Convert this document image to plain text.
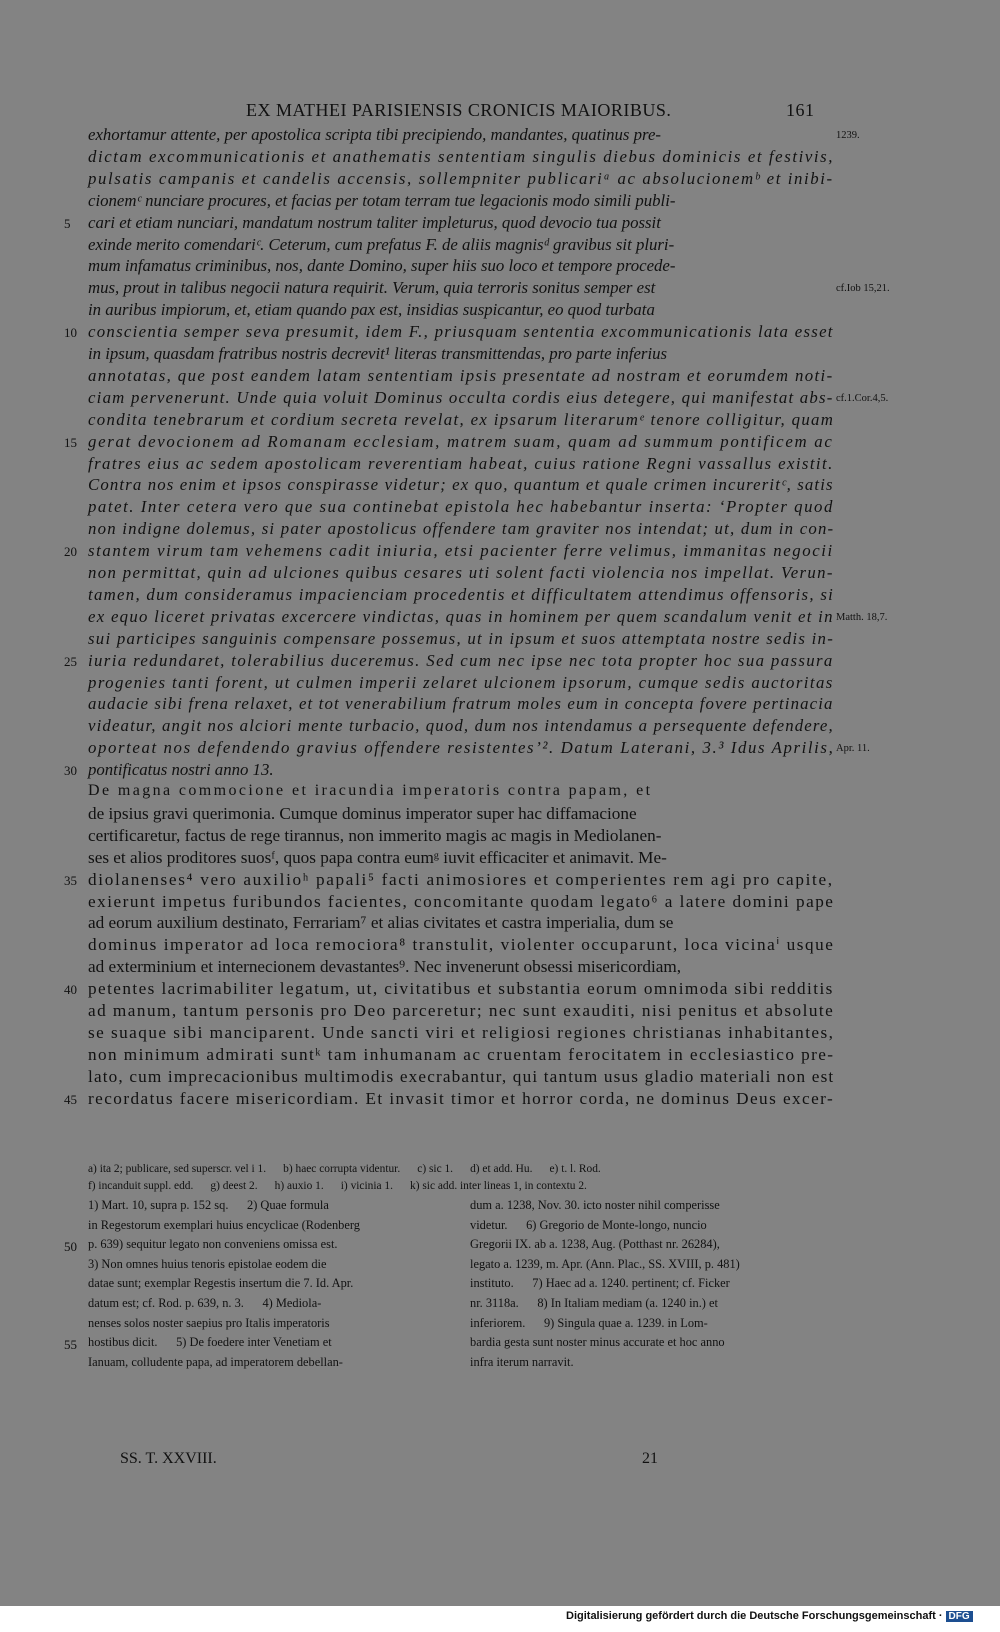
EX MATHEI PARISIENSIS CRONICIS MAIORIBUS.	161
exhortamur attente, per apostolica scripta tibi precipiendo, mandantes, quatinus pre-
dictam excommunicationis et anathematis sententiam singulis diebus dominicis et festivis,
pulsatis campanis et candelis accensis, sollempniter publicariᵃ ac absolucionemᵇ et inibi-
cionemᶜ nunciare procures, et facias per totam terram tue legacionis modo simili publi-
cari et etiam nunciari, mandatum nostrum taliter impleturus, quod devocio tua possit
exinde merito comendariᶜ. Ceterum, cum prefatus F. de aliis magnisᵈ gravibus sit pluri-
mum infamatus criminibus, nos, dante Domino, super hiis suo loco et tempore procede-
mus, prout in talibus negocii natura requirit. Verum, quia terroris sonitus semper est
in auribus impiorum, et, etiam quando pax est, insidias suspicantur, eo quod turbata
conscientia semper seva presumit, idem F., priusquam sententia excommunicationis lata esset
in ipsum, quasdam fratribus nostris decrevit¹ literas transmittendas, pro parte inferius
annotatas, que post eandem latam sententiam ipsis presentate ad nostram et eorumdem noti-
ciam pervenerunt. Unde quia voluit Dominus occulta cordis eius detegere, qui manifestat abs-
condita tenebrarum et cordium secreta revelat, ex ipsarum literarumᵉ tenore colligitur, quam
gerat devocionem ad Romanam ecclesiam, matrem suam, quam ad summum pontificem ac
fratres eius ac sedem apostolicam reverentiam habeat, cuius ratione Regni vassallus existit.
Contra nos enim et ipsos conspirasse videtur; ex quo, quantum et quale crimen incureritᶜ, satis
patet. Inter cetera vero que sua continebat epistola hec habebantur inserta: ‘Propter quod
non indigne dolemus, si pater apostolicus offendere tam graviter nos intendat; ut, dum in con-
stantem virum tam vehemens cadit iniuria, etsi pacienter ferre velimus, immanitas negocii
non permittat, quin ad ulciones quibus cesares uti solent facti violencia nos impellat. Verun-
tamen, dum consideramus impacienciam procedentis et difficultatem attendimus offensoris, si
ex equo liceret privatas excercere vindictas, quas in hominem per quem scandalum venit et in
sui participes sanguinis compensare possemus, ut in ipsum et suos attemptata nostre sedis in-
iuria redundaret, tolerabilius duceremus. Sed cum nec ipse nec tota propter hoc sua passura
progenies tanti forent, ut culmen imperii zelaret ulcionem ipsorum, cumque sedis auctoritas
audacie sibi frena relaxet, et tot venerabilium fratrum moles eum in concepta fovere pertinacia
videatur, angit nos alciori mente turbacio, quod, dum nos intendamus a persequente defendere,
oporteat nos defendendo gravius offendere resistentes’². Datum Laterani, 3.³ Idus Aprilis,
pontificatus nostri anno 13.
De magna commocione et iracundia imperatoris contra papam, et
de ipsius gravi querimonia. Cumque dominus imperator super hac diffamacione
certificaretur, factus de rege tirannus, non immerito magis ac magis in Mediolanen-
ses et alios proditores suosᶠ, quos papa contra eumᵍ iuvit efficaciter et animavit. Me-
diolanenses⁴ vero auxilioʰ papali⁵ facti animosiores et comperientes rem agi pro capite,
exierunt impetus furibundos facientes, concomitante quodam legato⁶ a latere domini pape
ad eorum auxilium destinato, Ferrariam⁷ et alias civitates et castra imperialia, dum se
dominus imperator ad loca remociora⁸ transtulit, violenter occuparunt, loca vicinaⁱ usque
ad exterminium et internecionem devastantes⁹. Nec invenerunt obsessi misericordiam,
petentes lacrimabiliter legatum, ut, civitatibus et substantia eorum omnimoda sibi redditis
ad manum, tantum personis pro Deo parceretur; nec sunt exauditi, nisi penitus et absolute
se suaque sibi manciparent. Unde sancti viri et religiosi regiones christianas inhabitantes,
non minimum admirati suntᵏ tam inhumanam ac cruentam ferocitatem in ecclesiastico pre-
lato, cum imprecacionibus multimodis execrabantur, qui tantum usus gladio materiali non est
recordatus facere misericordiam. Et invasit timor et horror corda, ne dominus Deus excer-
5
10
15
20
25
30
35
40
45
1239.
cf.Iob 15,21.
cf.1.Cor.4,5.
Matth. 18,7.
Apr. 11.
a) ita 2; publicare, sed superscr. vel i 1.      b) haec corrupta videntur.      c) sic 1.      d) et add. Hu.      e) t. l. Rod.
f) incanduit suppl. edd.      g) deest 2.      h) auxio 1.      i) vicinia 1.      k) sic add. inter lineas 1, in contextu 2.
1) Mart. 10, supra p. 152 sq.      2) Quae formula
in Regestorum exemplari huius encyclicae (Rodenberg
p. 639) sequitur legato non conveniens omissa est.
3) Non omnes huius tenoris epistolae eodem die
datae sunt; exemplar Regestis insertum die 7. Id. Apr.
datum est; cf. Rod. p. 639, n. 3.      4) Mediola-
nenses solos noster saepius pro Italis imperatoris
hostibus dicit.      5) De foedere inter Venetiam et
Ianuam, colludente papa, ad imperatorem debellan-
dum a. 1238, Nov. 30. icto noster nihil comperisse
videtur.      6) Gregorio de Monte-longo, nuncio
Gregorii IX. ab a. 1238, Aug. (Potthast nr. 26284),
legato a. 1239, m. Apr. (Ann. Plac., SS. XVIII, p. 481)
instituto.      7) Haec ad a. 1240. pertinent; cf. Ficker
nr. 3118a.      8) In Italiam mediam (a. 1240 in.) et
inferiorem.      9) Singula quae a. 1239. in Lom-
bardia gesta sunt noster minus accurate et hoc anno
infra iterum narravit.
50
55
SS. T. XXVIII.	21
Digitalisierung gefördert durch die Deutsche Forschungsgemeinschaft · DFG
